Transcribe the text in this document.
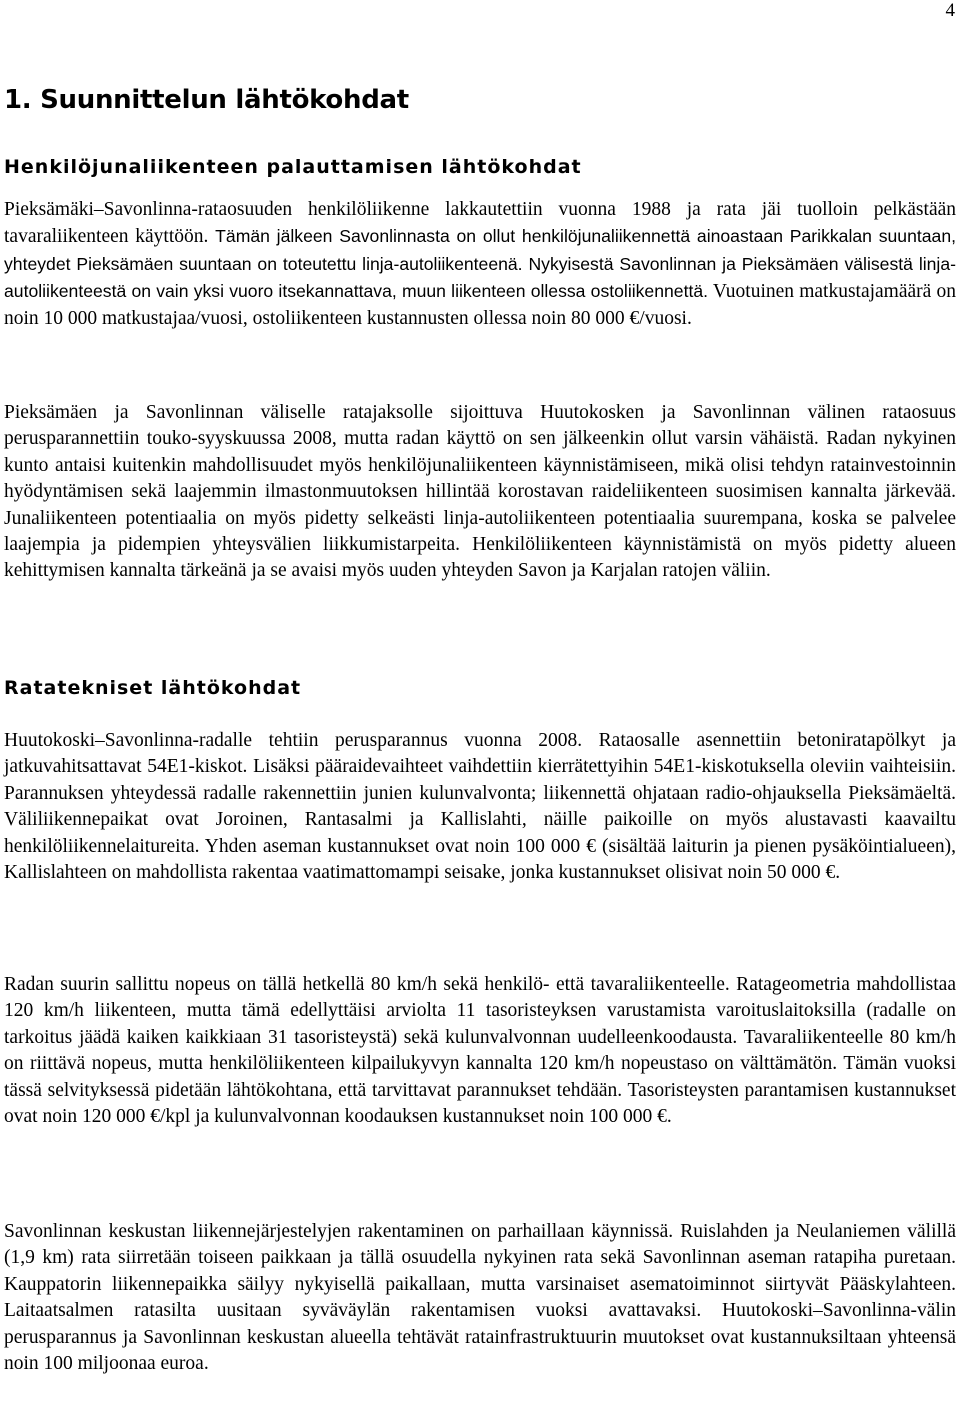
4
1. Suunnittelun lähtökohdat
Henkilöjunaliikenteen palauttamisen lähtökohdat

Pieksämäki–Savonlinna-rataosuuden henkilöliikenne lakkautettiin vuonna 1988 ja rata jäi tuolloin pelkästään tavaraliikenteen käyttöön. Tämän jälkeen Savonlinnasta on ollut henkilöjunaliikennettä ainoastaan Parikkalan suuntaan, yhteydet Pieksämäen suuntaan on toteutettu linja-autoliikenteenä. Nykyisestä Savonlinnan ja Pieksämäen välisestä linja-autoliikenteestä on vain yksi vuoro itsekannattava, muun liikenteen ollessa ostoliikennettä. Vuotuinen matkustajamäärä on noin 10 000 matkustajaa/vuosi, ostoliikenteen kustannusten ollessa noin 80 000 €/vuosi.

Pieksämäen ja Savonlinnan väliselle ratajaksolle sijoittuva Huutokosken ja Savonlinnan välinen rataosuus perusparannettiin touko-syyskuussa 2008, mutta radan käyttö on sen jälkeenkin ollut varsin vähäistä. Radan nykyinen kunto antaisi kuitenkin mahdollisuudet myös henkilöjunaliikenteen käynnistämiseen, mikä olisi tehdyn ratainvestoinnin hyödyntämisen sekä laajemmin ilmastonmuutoksen hillintää korostavan raideliikenteen suosimisen kannalta järkevää. Junaliikenteen potentiaalia on myös pidetty selkeästi linja-autoliikenteen potentiaalia suurempana, koska se palvelee laajempia ja pidempien yhteysvälien liikkumistarpeita. Henkilöliikenteen käynnistämistä on myös pidetty alueen kehittymisen kannalta tärkeänä ja se avaisi myös uuden yhteyden Savon ja Karjalan ratojen väliin.

Ratatekniset lähtökohdat

Huutokoski–Savonlinna-radalle tehtiin perusparannus vuonna 2008. Rataosalle asennettiin betoniratapölkyt ja jatkuvahitsattavat 54E1-kiskot. Lisäksi pääraidevaihteet vaihdettiin kierrätettyihin 54E1-kiskotuksella oleviin vaihteisiin. Parannuksen yhteydessä radalle rakennettiin junien kulunvalvonta; liikennettä ohjataan radio-ohjauksella Pieksämäeltä. Väliliikennepaikat ovat Joroinen, Rantasalmi ja Kallislahti, näille paikoille on myös alustavasti kaavailtu henkilöliikennelaitureita. Yhden aseman kustannukset ovat noin 100 000 € (sisältää laiturin ja pienen pysäköintialueen), Kallislahteen on mahdollista rakentaa vaatimattomampi seisake, jonka kustannukset olisivat noin 50 000 €.

Radan suurin sallittu nopeus on tällä hetkellä 80 km/h sekä henkilö- että tavaraliikenteelle. Ratageometria mahdollistaa 120 km/h liikenteen, mutta tämä edellyttäisi arviolta 11 tasoristeyksen varustamista varoituslaitoksilla (radalle on tarkoitus jäädä kaiken kaikkiaan 31 tasoristeystä) sekä kulunvalvonnan uudelleenkoodausta. Tavaraliikenteelle 80 km/h on riittävä nopeus, mutta henkilöliikenteen kilpailukyvyn kannalta 120 km/h nopeustaso on välttämätön. Tämän vuoksi tässä selvityksessä pidetään lähtökohtana, että tarvittavat parannukset tehdään. Tasoristeysten parantamisen kustannukset ovat noin 120 000 €/kpl ja kulunvalvonnan koodauksen kustannukset noin 100 000 €.

Savonlinnan keskustan liikennejärjestelyjen rakentaminen on parhaillaan käynnissä. Ruislahden ja Neulaniemen välillä (1,9 km) rata siirretään toiseen paikkaan ja tällä osuudella nykyinen rata sekä Savonlinnan aseman ratapiha puretaan. Kauppatorin liikennepaikka säilyy nykyisellä paikallaan, mutta varsinaiset asematoiminnot siirtyvät Pääskylahteen. Laitaatsalmen ratasilta uusitaan syväväylän rakentamisen vuoksi avattavaksi. Huutokoski–Savonlinna-välin perusparannus ja Savonlinnan keskustan alueella tehtävät ratainfrastruktuurin muutokset ovat kustannuksiltaan yhteensä noin 100 miljoonaa euroa.
